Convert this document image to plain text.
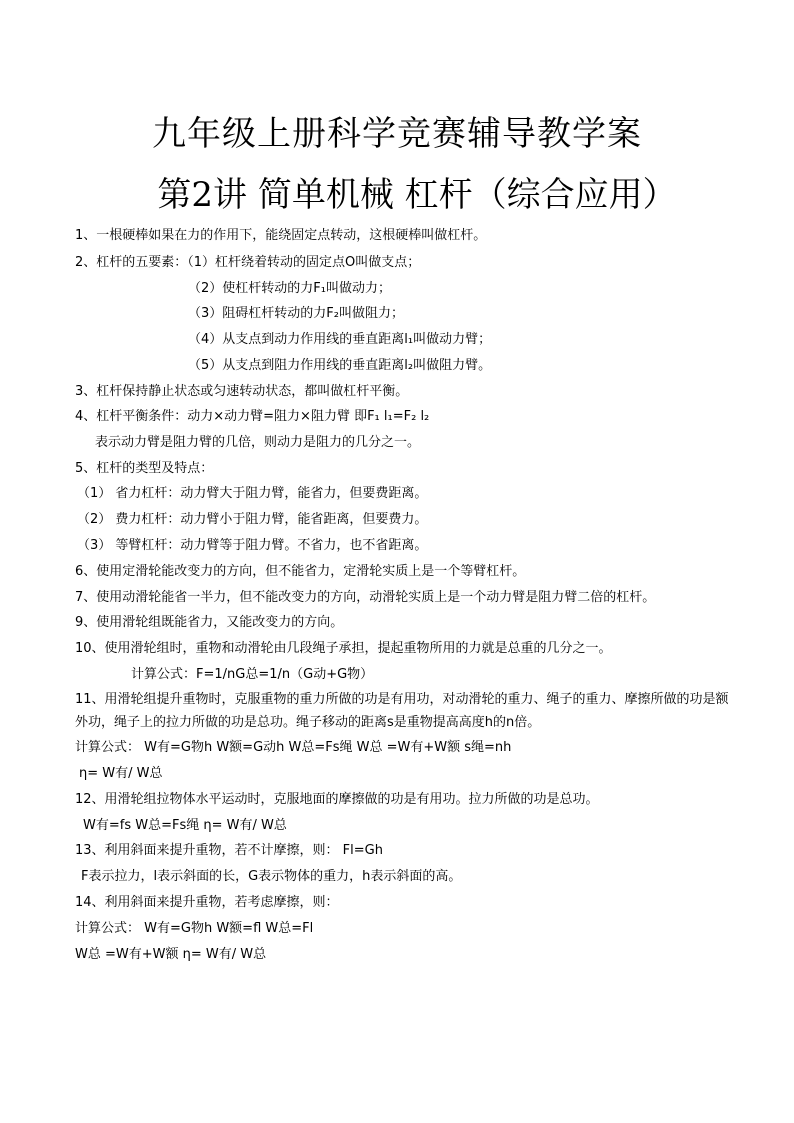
九年级上册科学竞赛辅导教学案
第2讲 简单机械 杠杆（综合应用）
1、一根硬棒如果在力的作用下，能绕固定点转动，这根硬棒叫做杠杆。
2、杠杆的五要素：（1）杠杆绕着转动的固定点O叫做支点；
（2）使杠杆转动的力F₁叫做动力；
（3）阻碍杠杆转动的力F₂叫做阻力；
（4）从支点到动力作用线的垂直距离l₁叫做动力臂；
（5）从支点到阻力作用线的垂直距离l₂叫做阻力臂。
3、杠杆保持静止状态或匀速转动状态，都叫做杠杆平衡。
4、杠杆平衡条件：动力×动力臂=阻力×阻力臂 即F₁ l₁=F₂ l₂
表示动力臂是阻力臂的几倍，则动力是阻力的几分之一。
5、杠杆的类型及特点：
（1） 省力杠杆：动力臂大于阻力臂，能省力，但要费距离。
（2） 费力杠杆：动力臂小于阻力臂，能省距离，但要费力。
（3） 等臂杠杆：动力臂等于阻力臂。不省力，也不省距离。
6、使用定滑轮能改变力的方向，但不能省力，定滑轮实质上是一个等臂杠杆。
7、使用动滑轮能省一半力，但不能改变力的方向，动滑轮实质上是一个动力臂是阻力臂二倍的杠杆。
9、使用滑轮组既能省力，又能改变力的方向。
10、使用滑轮组时，重物和动滑轮由几段绳子承担，提起重物所用的力就是总重的几分之一。
计算公式：F=1/nG总=1/n（G动+G物）
11、用滑轮组提升重物时，克服重物的重力所做的功是有用功，对动滑轮的重力、绳子的重力、摩擦所做的功是额外功，绳子上的拉力所做的功是总功。绳子移动的距离s是重物提高高度h的n倍。
计算公式： W有=G物h W额=G动h W总=Fs绳 W总 =W有+W额 s绳=nh
η= W有/ W总
12、用滑轮组拉物体水平运动时，克服地面的摩擦做的功是有用功。拉力所做的功是总功。
W有=fs W总=Fs绳 η= W有/ W总
13、利用斜面来提升重物，若不计摩擦，则： Fl=Gh
F表示拉力，l表示斜面的长，G表示物体的重力，h表示斜面的高。
14、利用斜面来提升重物，若考虑摩擦，则：
计算公式： W有=G物h W额=fl W总=Fl
W总 =W有+W额 η= W有/ W总
